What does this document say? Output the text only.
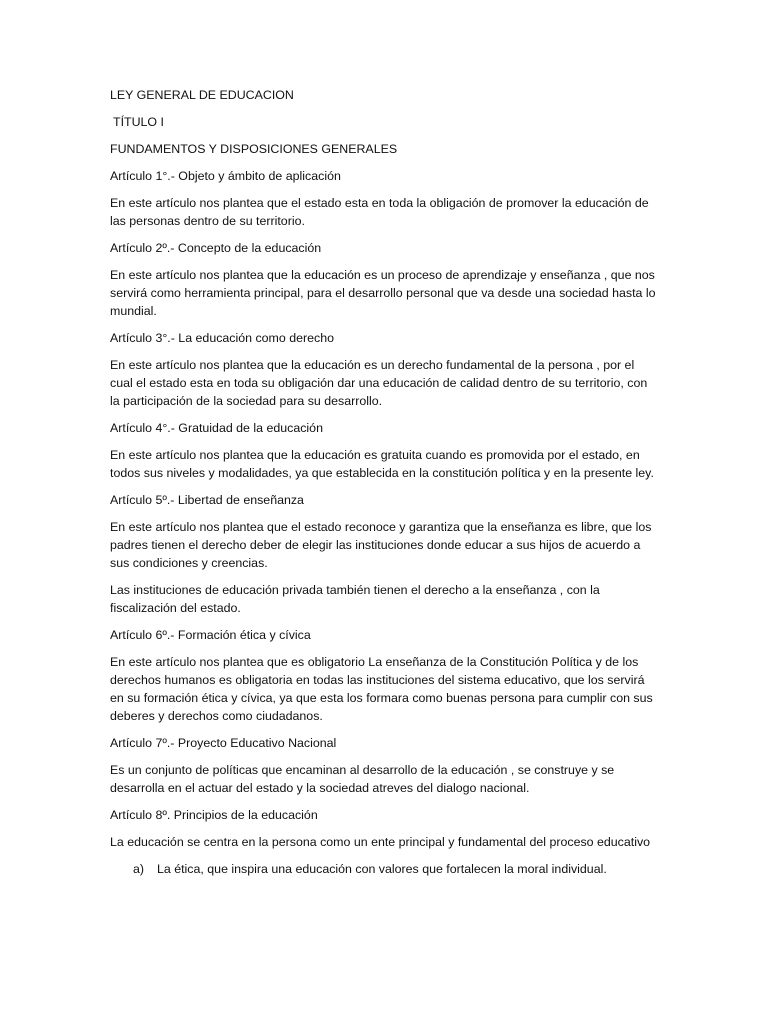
LEY GENERAL DE EDUCACION
TÍTULO I
FUNDAMENTOS Y DISPOSICIONES GENERALES
Artículo 1°.- Objeto y ámbito de aplicación
En este artículo nos plantea que el estado esta en toda la obligación de promover la educación de las personas dentro de su territorio.
Artículo 2º.- Concepto de la educación
En este artículo nos plantea que la educación es un proceso de aprendizaje y enseñanza , que nos servirá como herramienta principal, para el desarrollo personal que va desde una sociedad hasta lo mundial.
Artículo 3°.- La educación como derecho
En este artículo nos plantea que la educación es un derecho fundamental de la persona , por el cual el estado esta en toda su obligación dar una educación de calidad dentro de su territorio, con la participación de la sociedad para su desarrollo.
Artículo 4°.- Gratuidad de la educación
En este artículo nos plantea que la educación es gratuita cuando es promovida por el estado, en todos sus niveles y modalidades, ya que establecida en la constitución política y en la presente ley.
Artículo 5º.- Libertad de enseñanza
En este artículo nos plantea que el estado reconoce y garantiza que la enseñanza es libre, que los padres tienen el derecho deber de elegir las instituciones donde educar a sus hijos de acuerdo a sus condiciones y creencias.
Las instituciones de educación privada también tienen el derecho a la enseñanza , con la fiscalización del estado.
Artículo 6º.- Formación ética y cívica
En este artículo nos plantea que es obligatorio La enseñanza de la Constitución Política y de los derechos humanos es obligatoria en todas las instituciones del sistema educativo, que los servirá en su formación ética y cívica, ya que esta los formara como buenas persona para cumplir con sus deberes y derechos como ciudadanos.
Artículo 7º.- Proyecto Educativo Nacional
Es un conjunto de políticas que encaminan al desarrollo de la educación , se construye y se desarrolla en el actuar del estado y la sociedad atreves del dialogo nacional.
Artículo 8º. Principios de la educación
La educación se centra en la persona como un ente principal y fundamental del proceso educativo
a)	La ética, que inspira una educación con valores que fortalecen la moral individual.
